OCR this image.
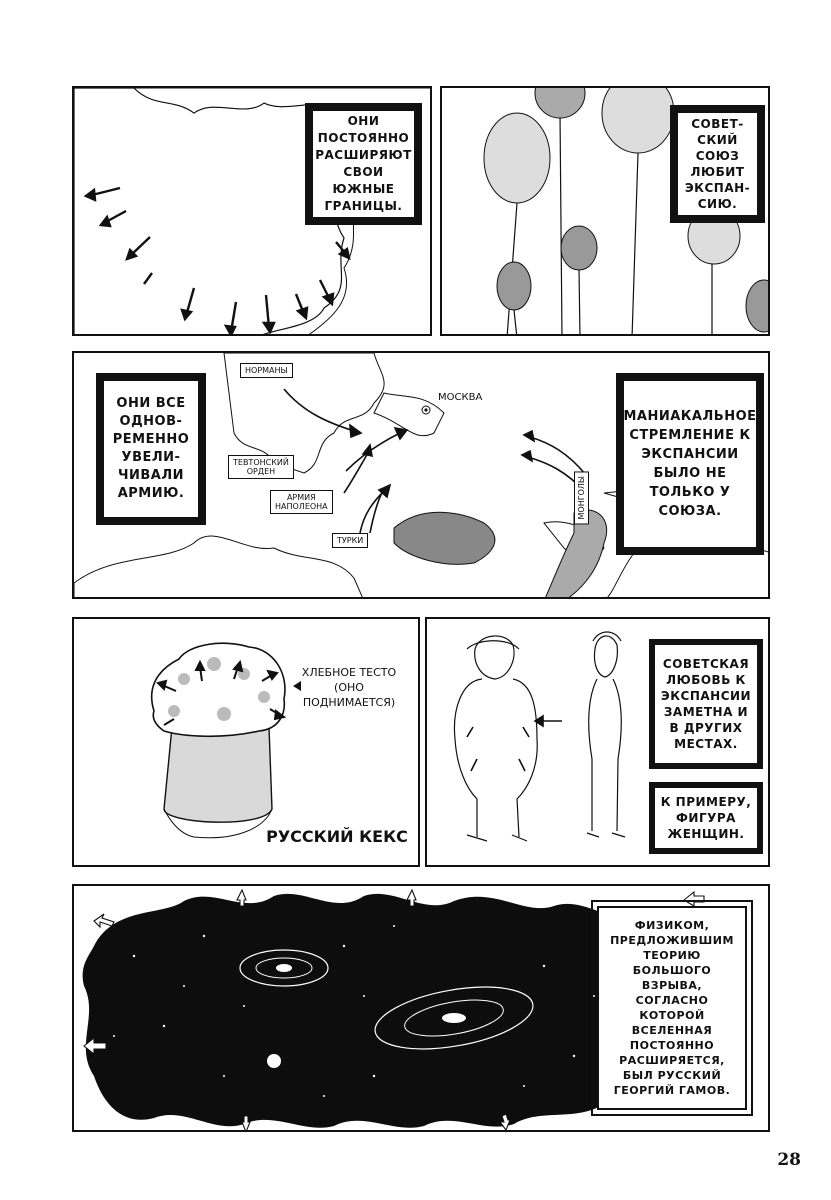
ОНИ
ПОСТОЯННО
РАСШИРЯЮТ
СВОИ ЮЖНЫЕ
ГРАНИЦЫ.
СОВЕТ-
СКИЙ
СОЮЗ
ЛЮБИТ
ЭКСПАН-
СИЮ.
НОРМАНЫ
МОСКВА
ТЕВТОНСКИЙ
ОРДЕН
АРМИЯ
НАПОЛЕОНА
ТУРКИ
МОНГОЛЫ
ОНИ ВСЕ
ОДНОВ-
РЕМЕННО
УВЕЛИ-
ЧИВАЛИ
АРМИЮ.
МАНИАКАЛЬНОЕ
СТРЕМЛЕНИЕ К
ЭКСПАНСИИ
БЫЛО НЕ
ТОЛЬКО У
СОЮЗА.
ХЛЕБНОЕ ТЕСТО
(ОНО
ПОДНИМАЕТСЯ)
РУССКИЙ КЕКС
СОВЕТСКАЯ
ЛЮБОВЬ К
ЭКСПАНСИИ
ЗАМЕТНА И
В ДРУГИХ
МЕСТАХ.
К ПРИМЕРУ,
ФИГУРА
ЖЕНЩИН.
ФИЗИКОМ,
ПРЕДЛОЖИВШИМ
ТЕОРИЮ
БОЛЬШОГО
ВЗРЫВА,
СОГЛАСНО
КОТОРОЙ
ВСЕЛЕННАЯ
ПОСТОЯННО
РАСШИРЯЕТСЯ,
БЫЛ РУССКИЙ
ГЕОРГИЙ ГАМОВ.
28
